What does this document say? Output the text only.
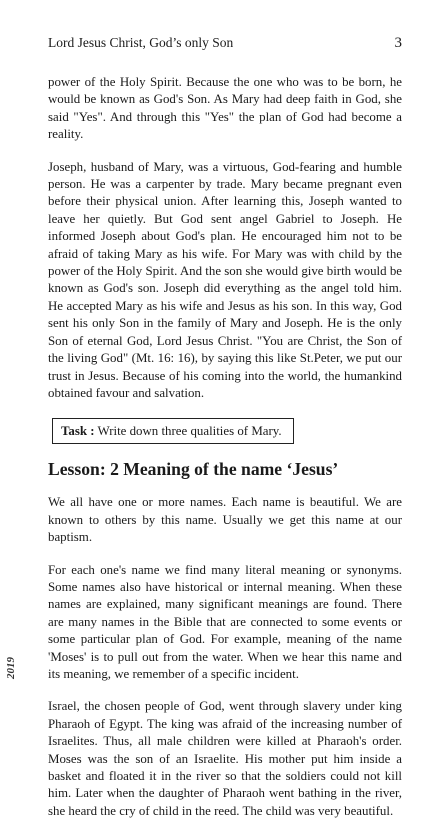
Lord Jesus Christ, God’s only Son	3

power of the Holy Spirit. Because the one who was to be born, he would be known as God's Son. As Mary had deep faith in God, she said "Yes". And through this "Yes" the plan of God had become a reality.

Joseph, husband of Mary, was a virtuous, God-fearing and humble person. He was a carpenter by trade. Mary became pregnant even before their physical union. After learning this, Joseph wanted to leave her quietly. But God sent angel Gabriel to Joseph. He informed Joseph about God's plan. He encouraged him not to be afraid of taking Mary as his wife. For Mary was with child by the power of the Holy Spirit. And the son she would give birth would be known as God's son. Joseph did everything as the angel told him. He accepted Mary as his wife and Jesus as his son. In this way, God sent his only Son in the family of Mary and Joseph. He is the only Son of eternal God, Lord Jesus Christ. "You are Christ, the Son of the living God" (Mt. 16: 16), by saying this like St.Peter, we put our trust in Jesus. Because of his coming into the world, the humankind obtained favour and salvation.

Task : Write down three qualities of Mary.
Lesson: 2 Meaning of the name ‘Jesus’

We all have one or more names. Each name is beautiful. We are known to others by this name. Usually we get this name at our baptism.

For each one's name we find many literal meaning or synonyms. Some names also have historical or internal meaning. When these names are explained, many significant meanings are found. There are many names in the Bible that are connected to some events or some particular plan of God. For example, meaning of the name 'Moses' is to pull out from the water. When we hear this name and its meaning, we remember of a specific incident.

Israel, the chosen people of God, went through slavery under king Pharaoh of Egypt. The king was afraid of the increasing number of Israelites. Thus, all male children were killed at Pharaoh's order. Moses was the son of an Israelite. His mother put him inside a basket and floated it in the river so that the soldiers could not kill him. Later when the daughter of Pharaoh went bathing in the river, she heard the cry of child in the reed. The child was very beautiful.

2019
